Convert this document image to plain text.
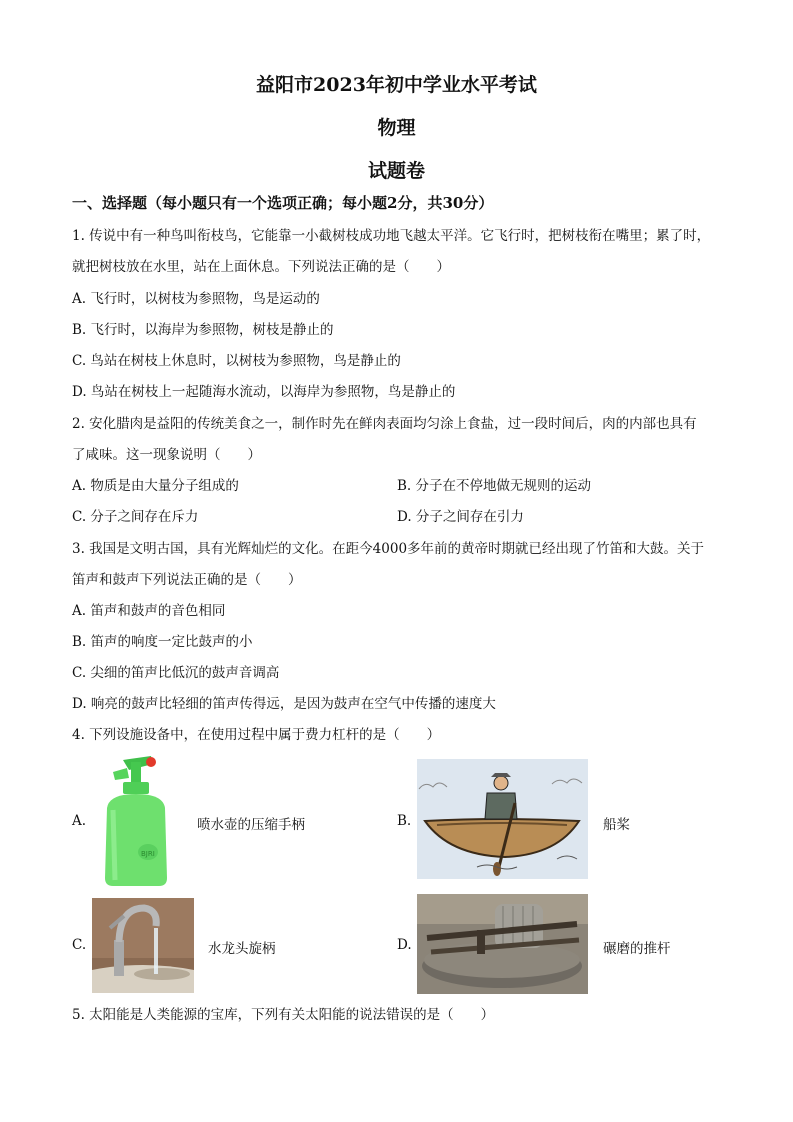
益阳市2023年初中学业水平考试
物理
试题卷
一、选择题（每小题只有一个选项正确；每小题2分，共30分）
1. 传说中有一种鸟叫衔枝鸟，它能靠一小截树枝成功地飞越太平洋。它飞行时，把树枝衔在嘴里；累了时，
就把树枝放在水里，站在上面休息。下列说法正确的是（　　）
A. 飞行时，以树枝为参照物，鸟是运动的
B. 飞行时，以海岸为参照物，树枝是静止的
C. 鸟站在树枝上休息时，以树枝为参照物，鸟是静止的
D. 鸟站在树枝上一起随海水流动，以海岸为参照物，鸟是静止的
2. 安化腊肉是益阳的传统美食之一，制作时先在鲜肉表面均匀涂上食盐，过一段时间后，肉的内部也具有
了咸味。这一现象说明（　　）
A. 物质是由大量分子组成的	B. 分子在不停地做无规则的运动
C. 分子之间存在斥力	D. 分子之间存在引力
3. 我国是文明古国，具有光辉灿烂的文化。在距今4000多年前的黄帝时期就已经出现了竹笛和大鼓。关于
笛声和鼓声下列说法正确的是（　　）
A. 笛声和鼓声的音色相同
B. 笛声的响度一定比鼓声的小
C. 尖细的笛声比低沉的鼓声音调高
D. 响亮的鼓声比轻细的笛声传得远，是因为鼓声在空气中传播的速度大
4. 下列设施设备中，在使用过程中属于费力杠杆的是（　　）
A.
BJRI
喷水壶的压缩手柄	B.	船桨
C.	水龙头旋柄	D.	碾磨的推杆
5. 太阳能是人类能源的宝库，下列有关太阳能的说法错误的是（　　）
